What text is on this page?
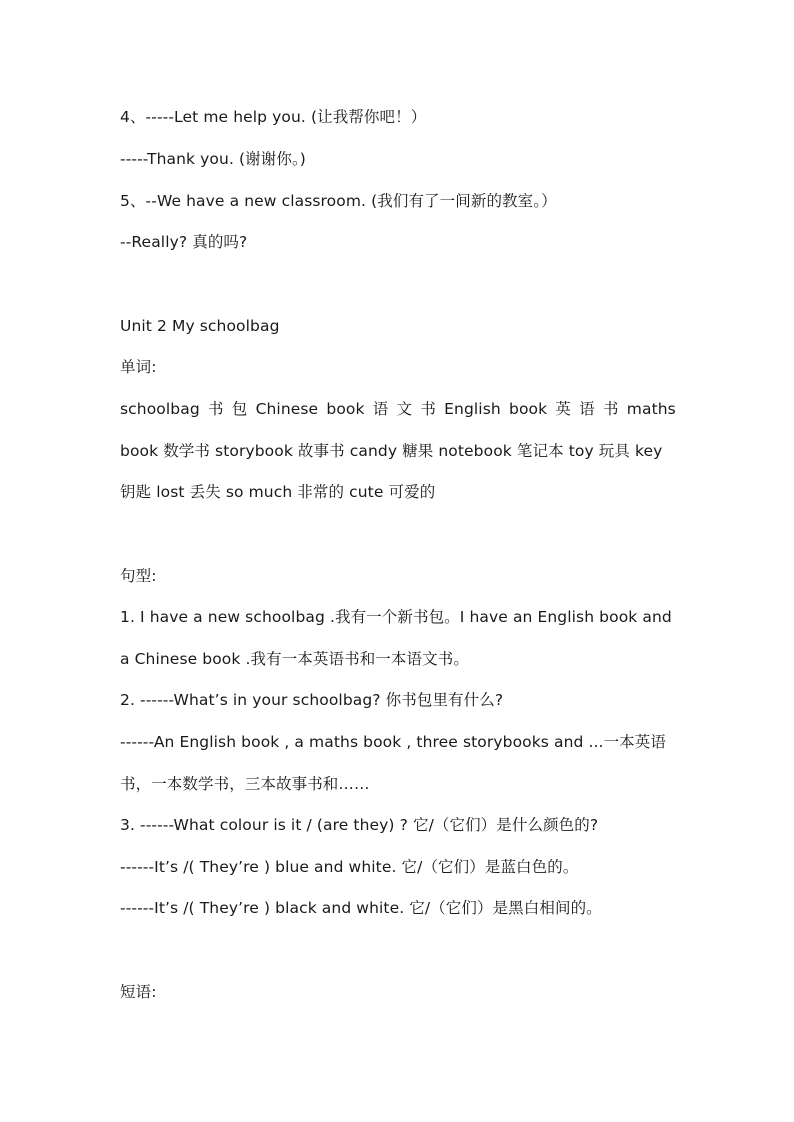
4、-----Let me help you. (让我帮你吧！）
-----Thank you. (谢谢你。)
5、--We have a new classroom. (我们有了一间新的教室。）
--Really? 真的吗?
Unit 2 My schoolbag
单词:
schoolbag 书 包 Chinese book 语 文 书 English book 英 语 书 maths
book 数学书 storybook 故事书 candy 糖果 notebook 笔记本 toy 玩具 key
钥匙 lost 丢失 so much 非常的 cute 可爱的
句型:
1. I have a new schoolbag .我有一个新书包。I have an English book and
a Chinese book .我有一本英语书和一本语文书。
2. ------What’s in your schoolbag? 你书包里有什么?
------An English book , a maths book , three storybooks and ...一本英语
书，一本数学书，三本故事书和……
3. ------What colour is it / (are they) ? 它/（它们）是什么颜色的?
------It’s /( They’re ) blue and white. 它/（它们）是蓝白色的。
------It’s /( They’re ) black and white. 它/（它们）是黑白相间的。
短语:
